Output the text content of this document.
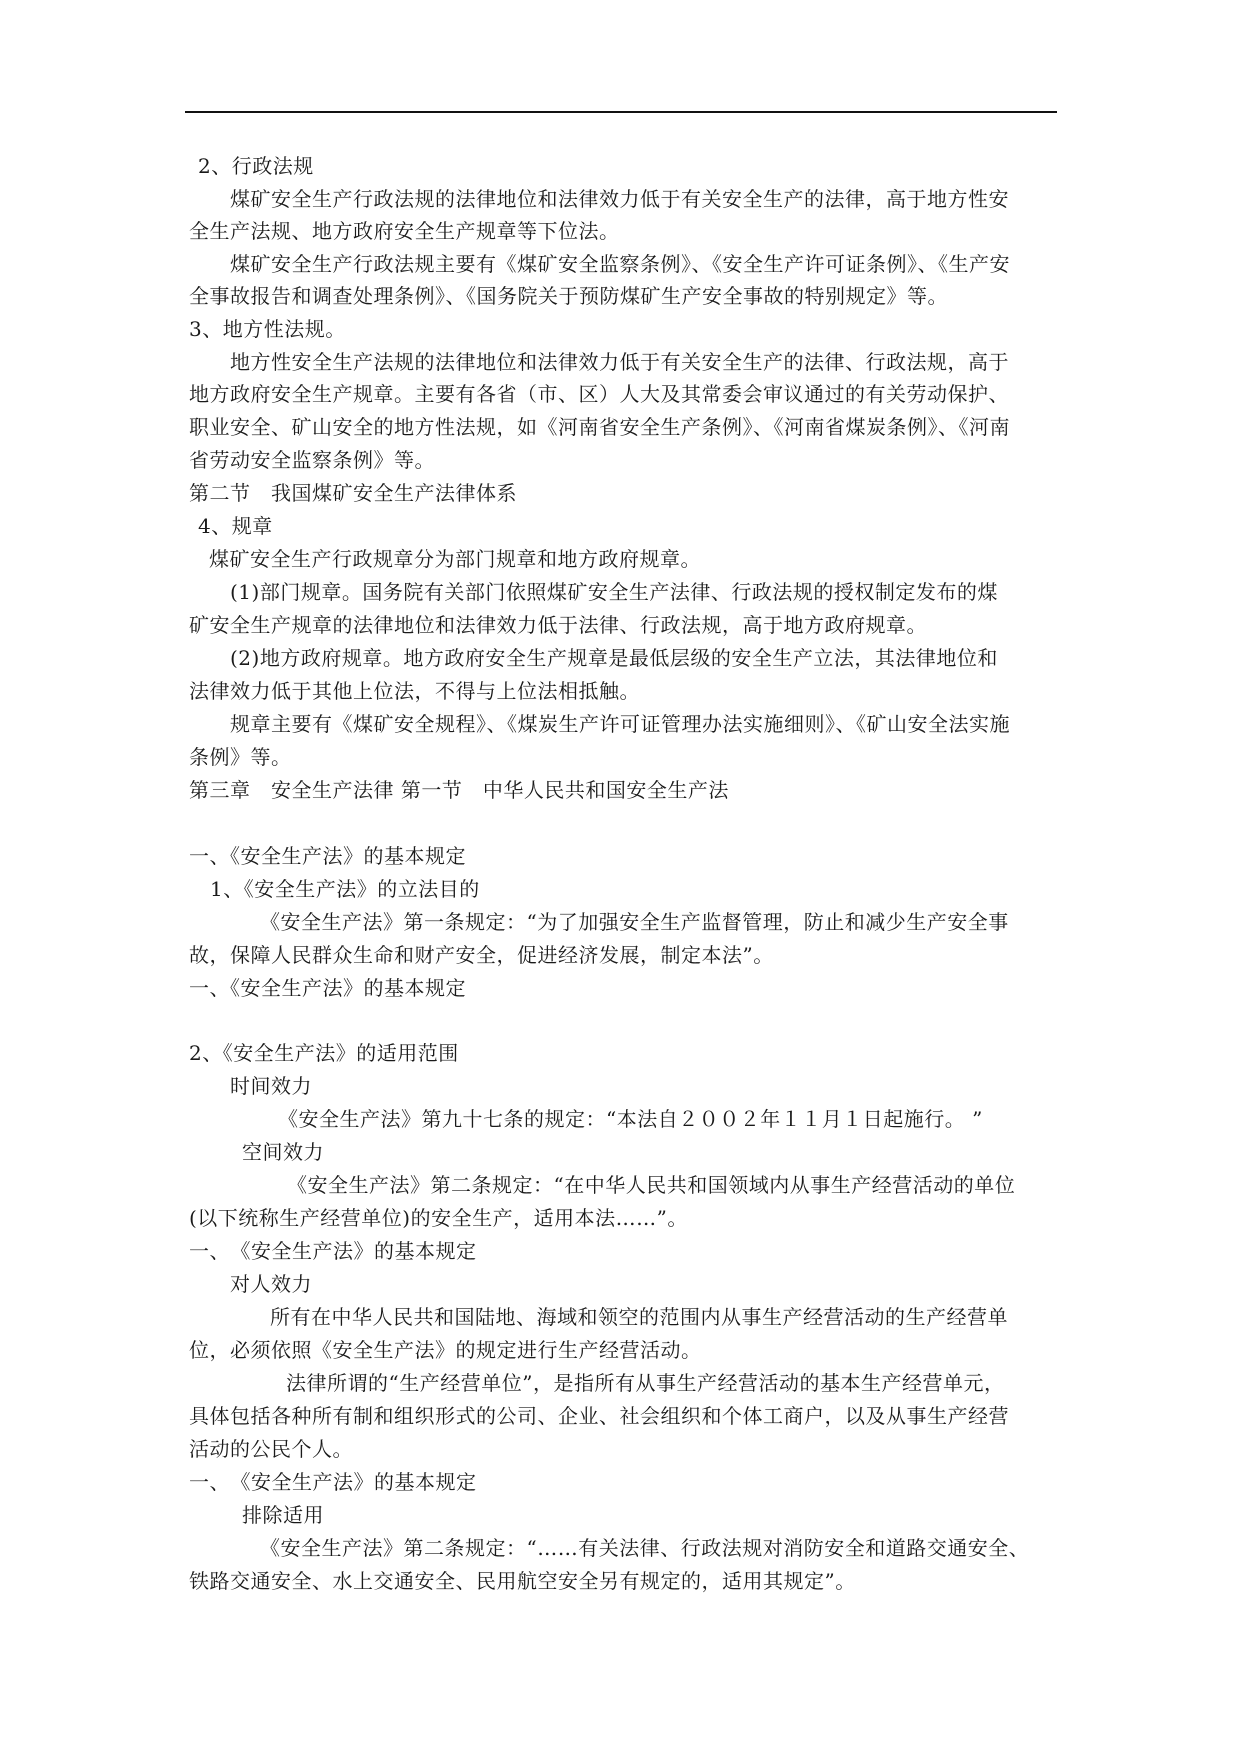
2、行政法规
煤矿安全生产行政法规的法律地位和法律效力低于有关安全生产的法律，高于地方性安
全生产法规、地方政府安全生产规章等下位法。
煤矿安全生产行政法规主要有《煤矿安全监察条例》、《安全生产许可证条例》、《生产安
全事故报告和调查处理条例》、《国务院关于预防煤矿生产安全事故的特别规定》等。
3、地方性法规。
地方性安全生产法规的法律地位和法律效力低于有关安全生产的法律、行政法规，高于
地方政府安全生产规章。主要有各省（市、区）人大及其常委会审议通过的有关劳动保护、
职业安全、矿山安全的地方性法规，如《河南省安全生产条例》、《河南省煤炭条例》、《河南
省劳动安全监察条例》等。
第二节　我国煤矿安全生产法律体系
4、规章
煤矿安全生产行政规章分为部门规章和地方政府规章。
(1)部门规章。国务院有关部门依照煤矿安全生产法律、行政法规的授权制定发布的煤
矿安全生产规章的法律地位和法律效力低于法律、行政法规，高于地方政府规章。
(2)地方政府规章。地方政府安全生产规章是最低层级的安全生产立法，其法律地位和
法律效力低于其他上位法，不得与上位法相抵触。
规章主要有《煤矿安全规程》、《煤炭生产许可证管理办法实施细则》、《矿山安全法实施
条例》等。
第三章　安全生产法律 第一节　中华人民共和国安全生产法
一、《安全生产法》的基本规定
1、《安全生产法》的立法目的
《安全生产法》第一条规定：“为了加强安全生产监督管理，防止和减少生产安全事
故，保障人民群众生命和财产安全，促进经济发展，制定本法”。
一、《安全生产法》的基本规定
2、《安全生产法》的适用范围
时间效力
《安全生产法》第九十七条的规定：“本法自２００２年１１月１日起施行。 ”
空间效力
《安全生产法》第二条规定：“在中华人民共和国领域内从事生产经营活动的单位
(以下统称生产经营单位)的安全生产，适用本法……”。
一、　《安全生产法》的基本规定
对人效力
所有在中华人民共和国陆地、海域和领空的范围内从事生产经营活动的生产经营单
位，必须依照《安全生产法》的规定进行生产经营活动。
法律所谓的“生产经营单位”，是指所有从事生产经营活动的基本生产经营单元，
具体包括各种所有制和组织形式的公司、企业、社会组织和个体工商户，以及从事生产经营
活动的公民个人。
一、　《安全生产法》的基本规定
排除适用
《安全生产法》第二条规定：“……有关法律、行政法规对消防安全和道路交通安全、
铁路交通安全、水上交通安全、民用航空安全另有规定的，适用其规定”。
